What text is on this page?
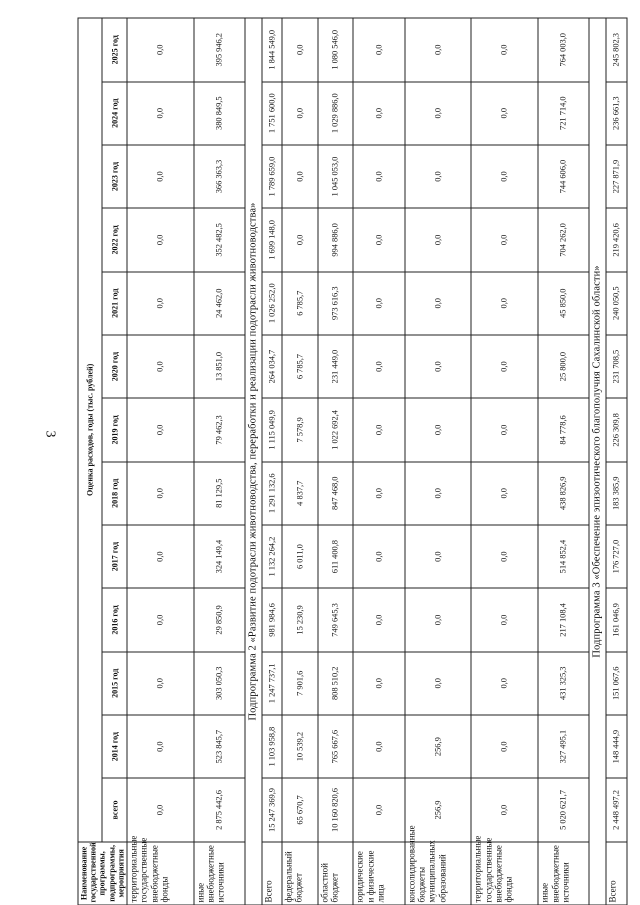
3
Наименование государственной программы, подпрограммы, мероприятия	Оценка расходов, годы (тыс. рублей)												
	всего	2014 год	2015 год	2016 год	2017 год	2018 год	2019 год	2020 год	2021 год	2022 год	2023 год	2024 год	2025 год
территориальные государственные внебюджетные фонды	0,0	0,0	0,0	0,0	0,0	0,0	0,0	0,0	0,0	0,0	0,0	0,0	0,0
иные внебюджетные источники	2 875 442,6	523 845,7	303 050,3	29 850,9	324 149,4	81 129,5	79 462,3	13 851,0	24 462,0	352 482,5	366 363,3	380 849,5	395 946,2
Подпрограмма 2 «Развитие подотрасли животноводства, переработки и реализации подотрасли животноводства»													
Всего	15 247 369,9	1 103 958,8	1 247 737,1	981 984,6	1 132 264,2	1 291 132,6	1 115 049,9	264 034,7	1 026 252,0	1 699 148,0	1 789 659,0	1 751 600,0	1 844 549,0
федеральный бюджет	65 670,7	10 539,2	7 901,6	15 230,9	6 011,0	4 837,7	7 578,9	6 785,7	6 785,7	0,0	0,0	0,0	0,0
областной бюджет	10 160 820,6	765 667,6	808 510,2	749 645,3	611 400,8	847 468,0	1 022 692,4	231 449,0	973 616,3	994 886,0	1 045 053,0	1 029 886,0	1 080 546,0
юридические и физические лица	0,0	0,0	0,0	0,0	0,0	0,0	0,0	0,0	0,0	0,0	0,0	0,0	0,0
консолидированные бюджеты муниципальных образований	256,9	256,9	0,0	0,0	0,0	0,0	0,0	0,0	0,0	0,0	0,0	0,0	0,0
территориальные государственные внебюджетные фонды	0,0	0,0	0,0	0,0	0,0	0,0	0,0	0,0	0,0	0,0	0,0	0,0	0,0
иные внебюджетные источники	5 020 621,7	327 495,1	431 325,3	217 108,4	514 852,4	438 826,9	84 778,6	25 800,0	45 850,0	704 262,0	744 606,0	721 714,0	764 003,0
Подпрограмма 3 «Обеспечение эпизоотического благополучия Сахалинской области»													
Всего	2 448 497,2	148 444,9	151 067,6	161 046,9	176 727,0	183 385,9	226 309,8	231 708,5	240 050,5	219 420,6	227 871,9	236 661,3	245 802,3
